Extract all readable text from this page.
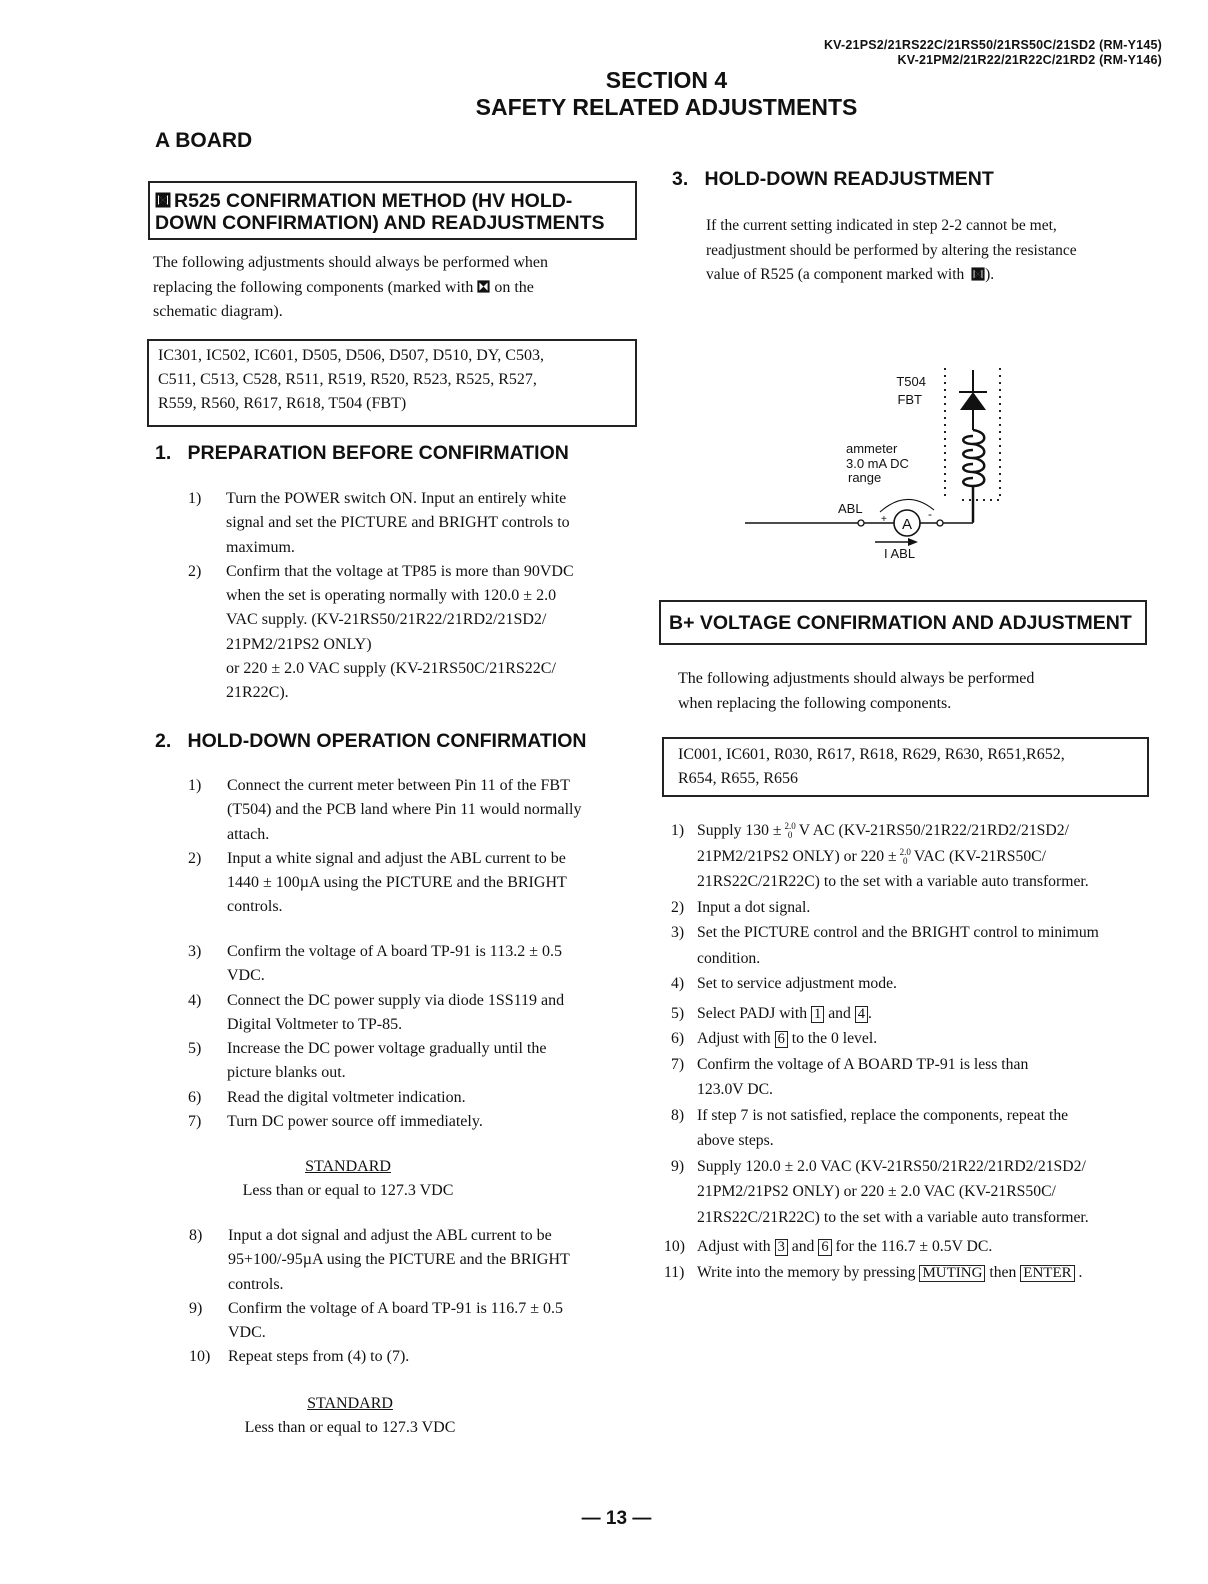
KV-21PS2/21RS22C/21RS50/21RS50C/21SD2 (RM-Y145)
KV-21PM2/21R22/21R22C/21RD2 (RM-Y146)
SECTION 4
SAFETY RELATED ADJUSTMENTS
A BOARD
R525 CONFIRMATION METHOD (HV HOLD-
DOWN CONFIRMATION) AND READJUSTMENTS
The following adjustments should always be performed when
replacing the following components (marked with on the
schematic diagram).
IC301, IC502, IC601, D505, D506, D507, D510, DY, C503,
C511, C513, C528, R511, R519, R520, R523, R525, R527,
R559, R560, R617, R618, T504 (FBT)
1.   PREPARATION BEFORE CONFIRMATION
1) Turn the POWER switch ON. Input an entirely white
signal and set the PICTURE and BRIGHT controls to
maximum.
2) Confirm that the voltage at TP85 is more than 90VDC
when the set is operating normally with 120.0 ± 2.0
VAC supply. (KV-21RS50/21R22/21RD2/21SD2/
21PM2/21PS2 ONLY)
or 220 ± 2.0 VAC supply (KV-21RS50C/21RS22C/
21R22C).
2.   HOLD-DOWN OPERATION CONFIRMATION
1) Connect the current meter between Pin 11 of the FBT
(T504) and the PCB land where Pin 11 would normally
attach.
2) Input a white signal and adjust the ABL current to be
1440 ± 100µA using the PICTURE and the BRIGHT
controls.
3) Confirm the voltage of A board TP-91 is 113.2 ± 0.5
VDC.
4) Connect the DC power supply via diode 1SS119 and
Digital Voltmeter to TP-85.
5) Increase the DC power voltage gradually until the
picture blanks out.
6) Read the digital voltmeter indication.
7) Turn DC power source off immediately.
STANDARD
Less than or equal to 127.3 VDC
8) Input a dot signal and adjust the ABL current to be
95+100/-95µA using the PICTURE and the BRIGHT
controls.
9) Confirm the voltage of A board TP-91 is 116.7 ± 0.5
VDC.
10) Repeat steps from (4) to (7).
STANDARD
Less than or equal to 127.3 VDC
3.   HOLD-DOWN READJUSTMENT
If the current setting indicated in step 2-2 cannot be met,
readjustment should be performed by altering the resistance
value of R525 (a component marked with ).
T504
FBT
ammeter
3.0 mA DC
range
ABL
I ABL
+	-
A
B+ VOLTAGE CONFIRMATION AND ADJUSTMENT
The following adjustments should always be performed
when replacing the following components.
IC001, IC601, R030, R617, R618, R629, R630, R651,R652,
R654, R655, R656
1) Supply 130 ± 2.0
0 V AC (KV-21RS50/21R22/21RD2/21SD2/
21PM2/21PS2 ONLY) or 220 ± 2.0
0 VAC (KV-21RS50C/
21RS22C/21R22C) to the set with a variable auto transformer.
2) Input a dot signal.
3) Set the PICTURE control and the BRIGHT control to minimum
condition.
4) Set to service adjustment mode.
5) Select PADJ with 1 and 4 .
6) Adjust with 6 to the 0 level.
7) Confirm the voltage of A BOARD TP-91 is less than
123.0V DC.
8) If step 7 is not satisfied, replace the components, repeat the
above steps.
9) Supply 120.0 ± 2.0 VAC (KV-21RS50/21R22/21RD2/21SD2/
21PM2/21PS2 ONLY) or 220 ± 2.0 VAC (KV-21RS50C/
21RS22C/21R22C) to the set with a variable auto transformer.
10) Adjust with 3 and 6 for the 116.7 ± 0.5V DC.
11) Write into the memory by pressing MUTING then ENTER .
— 13 —
